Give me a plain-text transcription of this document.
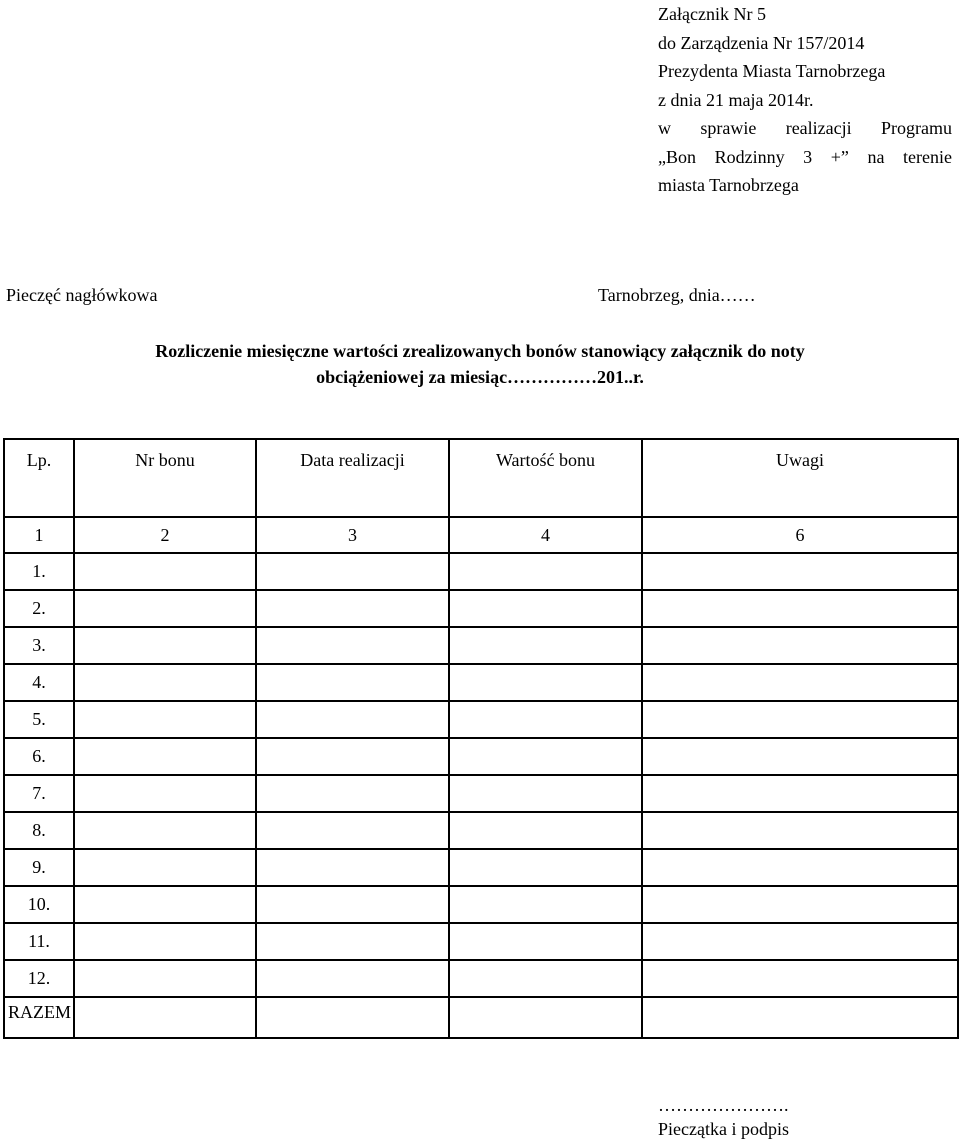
Załącznik Nr 5
do Zarządzenia Nr 157/2014
Prezydenta Miasta Tarnobrzega
z dnia 21 maja 2014r.
w sprawie realizacji Programu
„Bon Rodzinny 3 +” na terenie
miasta Tarnobrzega
Pieczęć nagłówkowa	Tarnobrzeg, dnia……
Rozliczenie miesięczne wartości zrealizowanych bonów stanowiący załącznik do noty
obciążeniowej za miesiąc……………201..r.
Lp.	Nr bonu	Data realizacji	Wartość bonu	Uwagi
1	2	3	4	6
1.				
2.				
3.				
4.				
5.				
6.				
7.				
8.				
9.				
10.				
11.				
12.				
RAZEM				
………………….
Pieczątka i podpis
